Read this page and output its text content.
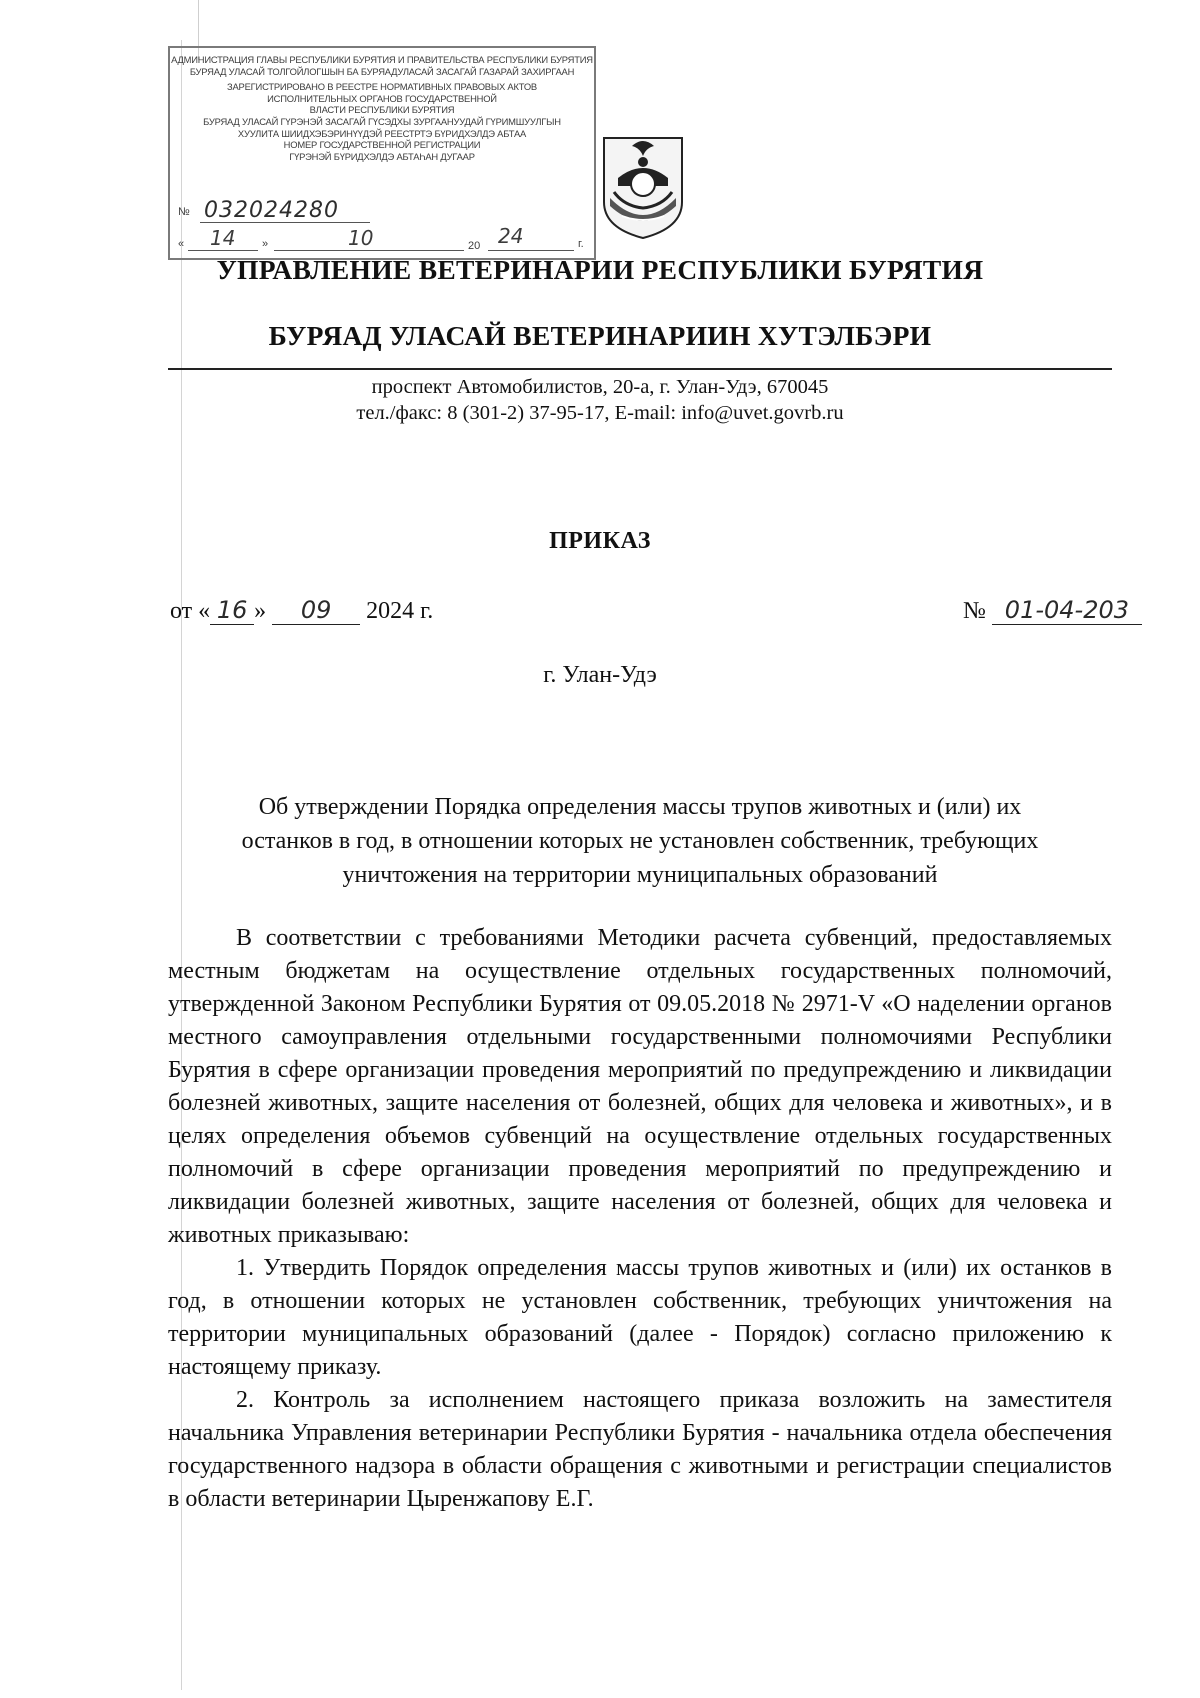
АДМИНИСТРАЦИЯ ГЛАВЫ РЕСПУБЛИКИ БУРЯТИЯ И ПРАВИТЕЛЬСТВА РЕСПУБЛИКИ БУРЯТИЯ
БУРЯАД УЛАСАЙ ТОЛГОЙЛОГШЫН БА БУРЯАДУЛАСАЙ ЗАСАГАЙ ГАЗАРАЙ ЗАХИРГААН
ЗАРЕГИСТРИРОВАНО В РЕЕСТРЕ НОРМАТИВНЫХ ПРАВОВЫХ АКТОВ
ИСПОЛНИТЕЛЬНЫХ ОРГАНОВ ГОСУДАРСТВЕННОЙ
ВЛАСТИ РЕСПУБЛИКИ БУРЯТИЯ
БУРЯАД УЛАСАЙ ГҮРЭНЭЙ ЗАСАГАЙ ГҮСЭДХЫ ЗУРГААНУУДАЙ ГҮРИМШУУЛГЫН
ХУУЛИТА ШИИДХЭБЭРИНҮҮДЭЙ РЕЕСТРТЭ БҮРИДХЭЛДЭ АБТАА
НОМЕР ГОСУДАРСТВЕННОЙ РЕГИСТРАЦИИ
ГҮРЭНЭЙ БҮРИДХЭЛДЭ АБТАҺАН ДУГААР
№ 032024280
« 14 »	10	20 24	г.
УПРАВЛЕНИЕ ВЕТЕРИНАРИИ РЕСПУБЛИКИ БУРЯТИЯ
БУРЯАД УЛАСАЙ ВЕТЕРИНАРИИН ХУТЭЛБЭРИ
проспект Автомобилистов, 20-а, г. Улан-Удэ, 670045
тел./факс: 8 (301-2) 37-95-17, E-mail: info@uvet.govrb.ru
ПРИКАЗ
от « 16 » 09 2024 г.	№ 01-04-203
г. Улан-Удэ
Об утверждении Порядка определения массы трупов животных и (или) их
останков в год, в отношении которых не установлен собственник, требующих
уничтожения на территории муниципальных образований

В соответствии с требованиями Методики расчета субвенций, предоставляемых местным бюджетам на осуществление отдельных государственных полномочий, утвержденной Законом Республики Бурятия от 09.05.2018 № 2971-V «О наделении органов местного самоуправления отдельными государственными полномочиями Республики Бурятия в сфере организации проведения мероприятий по предупреждению и ликвидации болезней животных, защите населения от болезней, общих для человека и животных», и в целях определения объемов субвенций на осуществление отдельных государственных полномочий в сфере организации проведения мероприятий по предупреждению и ликвидации болезней животных, защите населения от болезней, общих для человека и животных приказываю:

1. Утвердить Порядок определения массы трупов животных и (или) их останков в год, в отношении которых не установлен собственник, требующих уничтожения на территории муниципальных образований (далее - Порядок) согласно приложению к настоящему приказу.

2. Контроль за исполнением настоящего приказа возложить на заместителя начальника Управления ветеринарии Республики Бурятия - начальника отдела обеспечения государственного надзора в области обращения с животными и регистрации специалистов в области ветеринарии Цыренжапову Е.Г.
